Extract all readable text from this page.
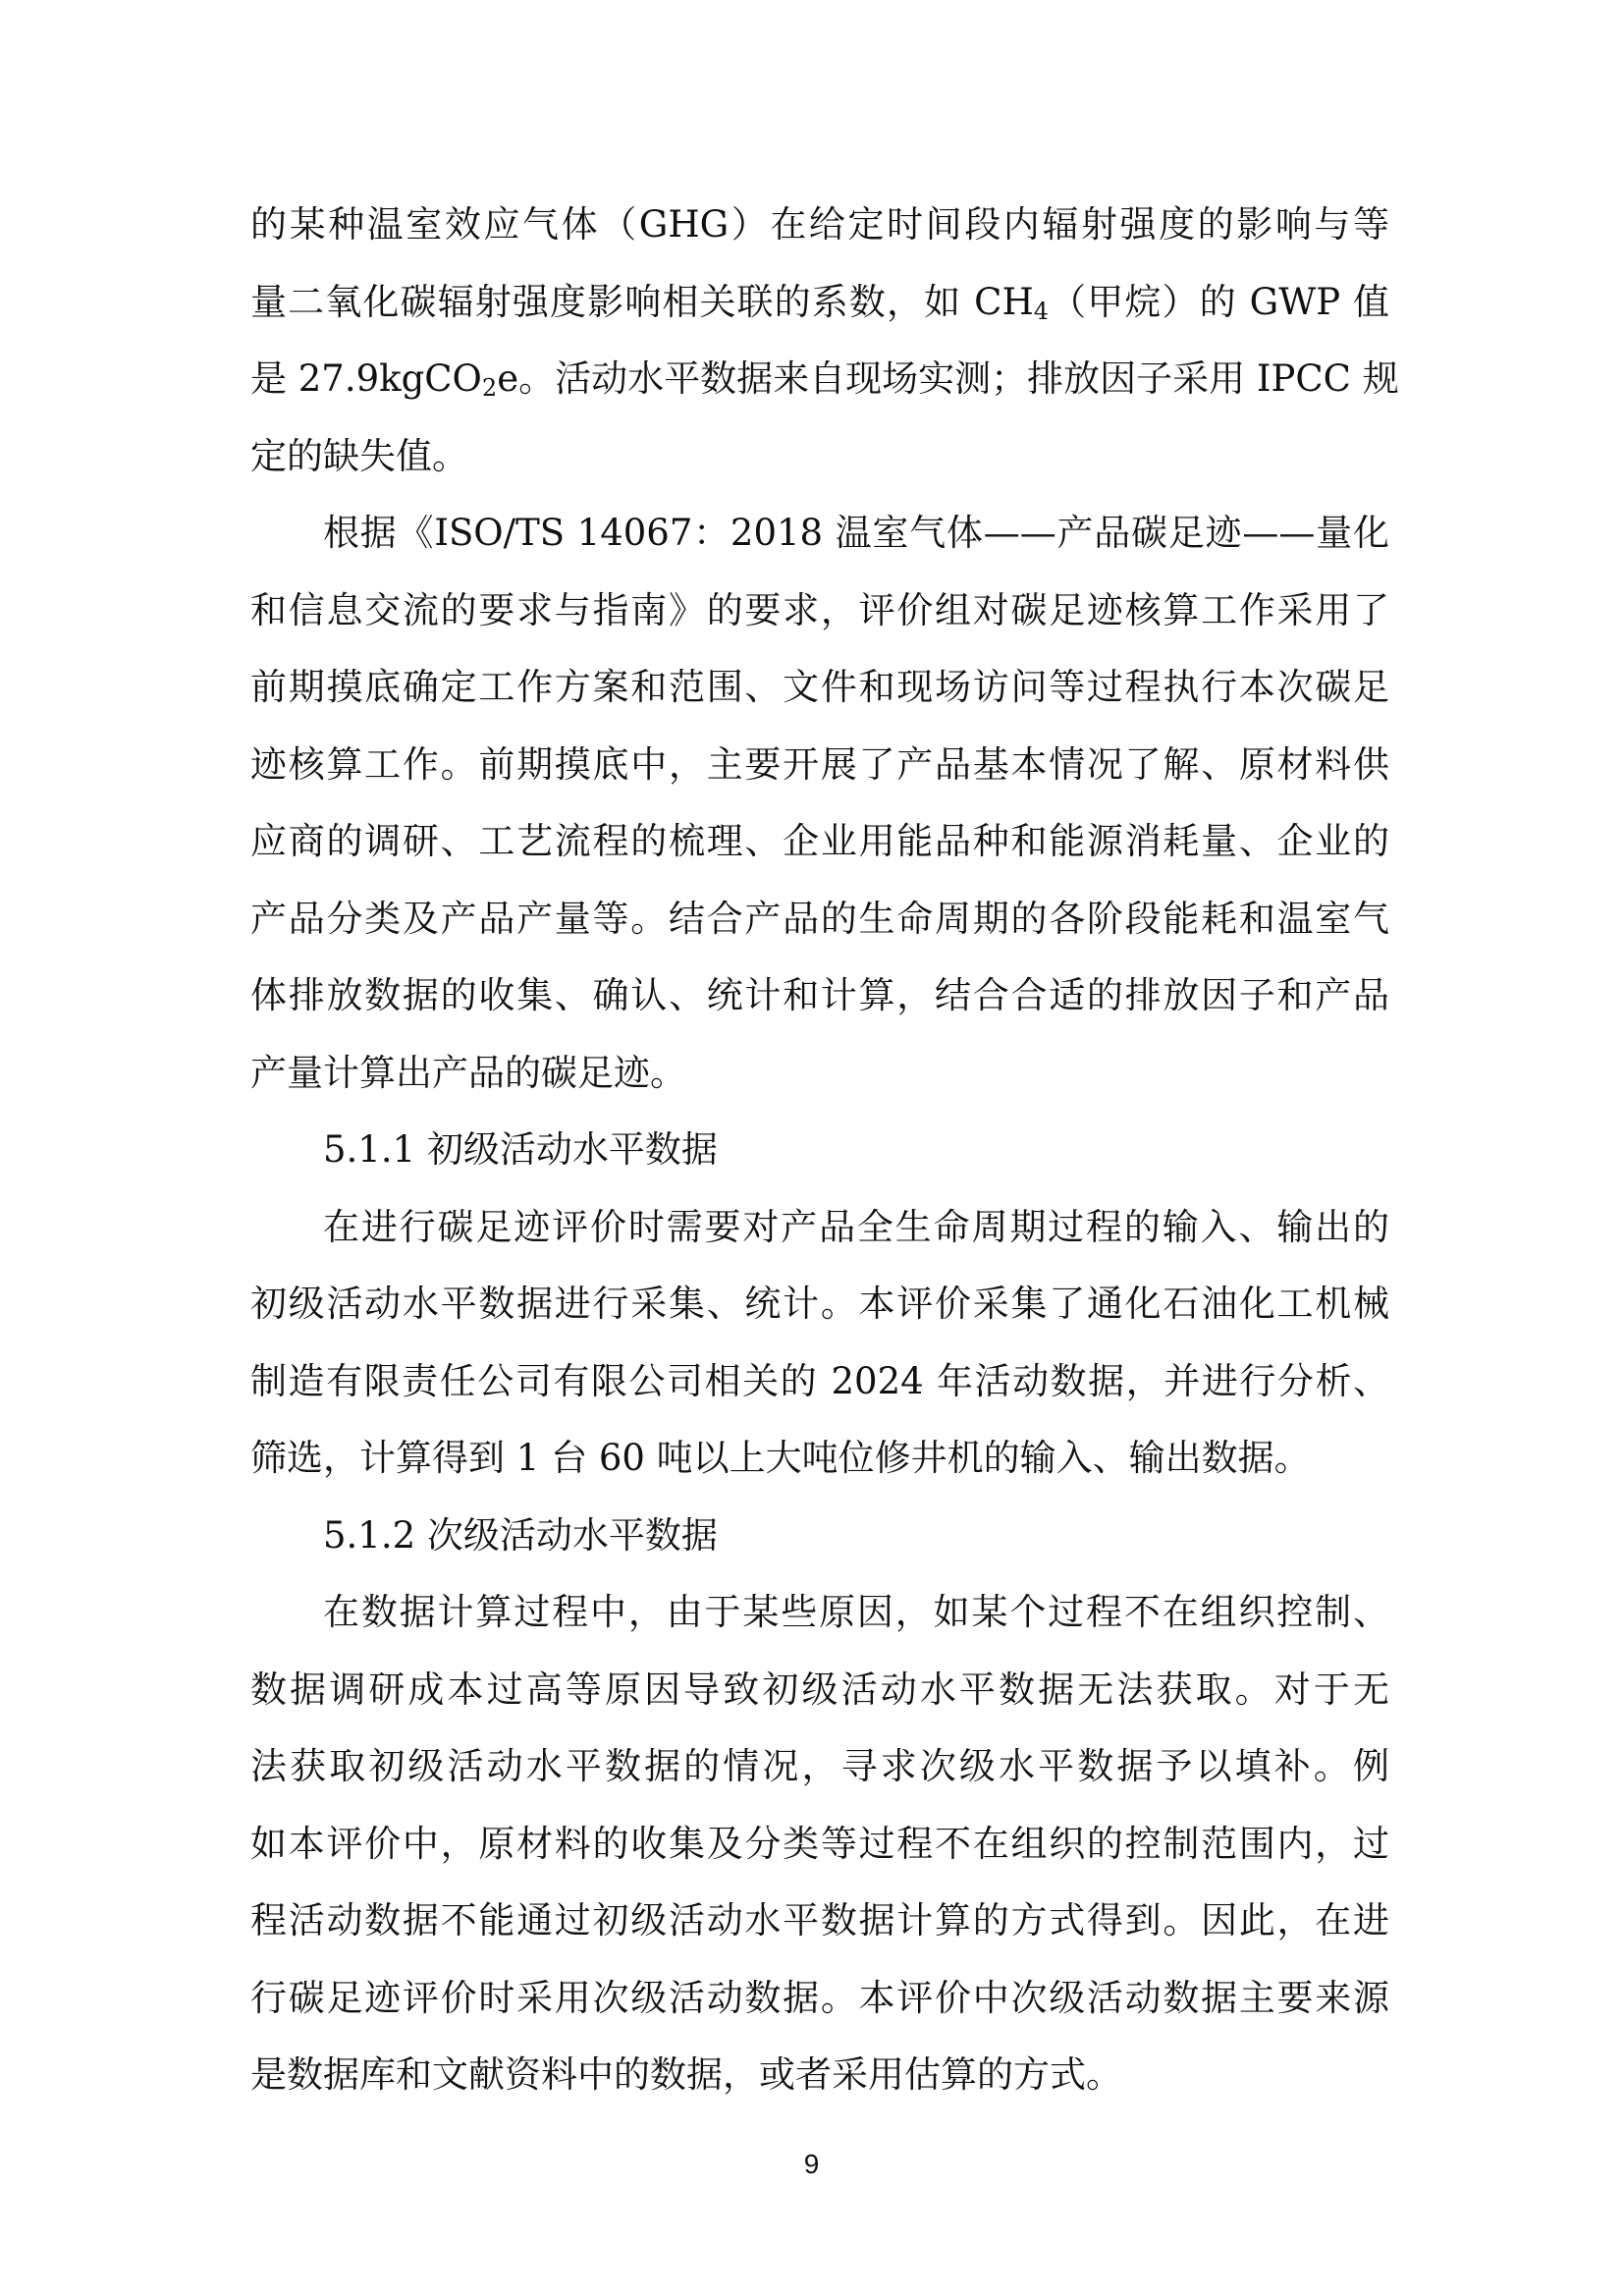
的某种温室效应气体（GHG）在给定时间段内辐射强度的影响与等
量二氧化碳辐射强度影响相关联的系数，如 $CH_4$（甲烷）的 GWP 值
是 27.9kgCO$_2$e。活动水平数据来自现场实测；排放因子采用 IPCC 规
定的缺失值。

根据《ISO/TS 14067：2018 温室气体——产品碳足迹——量化
和信息交流的要求与指南》的要求，评价组对碳足迹核算工作采用了
前期摸底确定工作方案和范围、文件和现场访问等过程执行本次碳足
迹核算工作。前期摸底中，主要开展了产品基本情况了解、原材料供
应商的调研、工艺流程的梳理、企业用能品种和能源消耗量、企业的
产品分类及产品产量等。结合产品的生命周期的各阶段能耗和温室气
体排放数据的收集、确认、统计和计算，结合合适的排放因子和产品
产量计算出产品的碳足迹。

5.1.1 初级活动水平数据

在进行碳足迹评价时需要对产品全生命周期过程的输入、输出的
初级活动水平数据进行采集、统计。本评价采集了通化石油化工机械
制造有限责任公司有限公司相关的 2024 年活动数据，并进行分析、
筛选，计算得到 1 台 60 吨以上大吨位修井机的输入、输出数据。

5.1.2 次级活动水平数据

在数据计算过程中，由于某些原因，如某个过程不在组织控制、
数据调研成本过高等原因导致初级活动水平数据无法获取。对于无
法获取初级活动水平数据的情况，寻求次级水平数据予以填补。例
如本评价中，原材料的收集及分类等过程不在组织的控制范围内，过
程活动数据不能通过初级活动水平数据计算的方式得到。因此，在进
行碳足迹评价时采用次级活动数据。本评价中次级活动数据主要来源
是数据库和文献资料中的数据，或者采用估算的方式。

9
